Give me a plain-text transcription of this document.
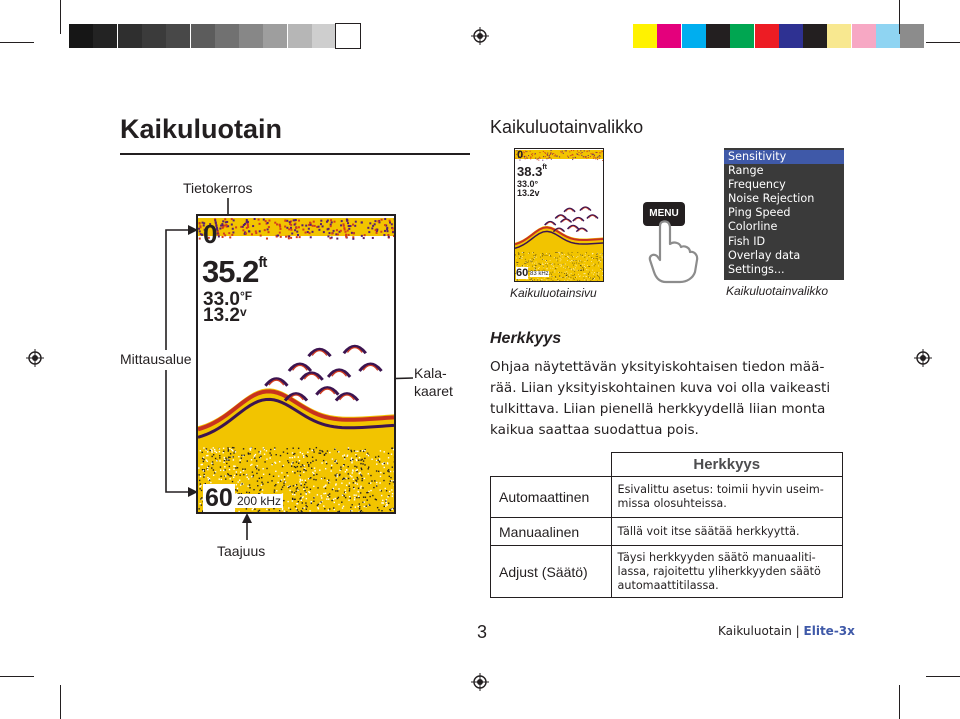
Kaikuluotain	Kaikuluotainvalikko
Tietokerros
Mittausalue
Kala-
kaaret
Taajuus
0
$35.2^{ft}$
$33.0^{^\circ F}$
13.2$^v$
60 200 kHz
0
$38.3^{ft}$
33.0°
13.2v
60 83 kHz
Kaikuluotainsivu
MENU
Sensitivity
Range
Frequency
Noise Rejection
Ping Speed
Colorline
Fish ID
Overlay data
Settings...
Kaikuluotainvalikko
Herkkyys
Ohjaa näytettävän yksityiskohtaisen tiedon mää-
rää. Liian yksityiskohtainen kuva voi olla vaikeasti
tulkittava. Liian pienellä herkkyydellä liian monta
kaikua saattaa suodattua pois.
	Herkkyys
Automaattinen	Esivalittu asetus: toimii hyvin useim-
missa olosuhteissa.

Manuaalinen	Tällä voit itse säätää herkkyyttä.

Adjust (Säätö)	Täysi herkkyyden säätö manuaaliti-
lassa, rajoitettu yliherkkyyden säätö
automaattitilassa.
3	Kaikuluotain | Elite-3x
